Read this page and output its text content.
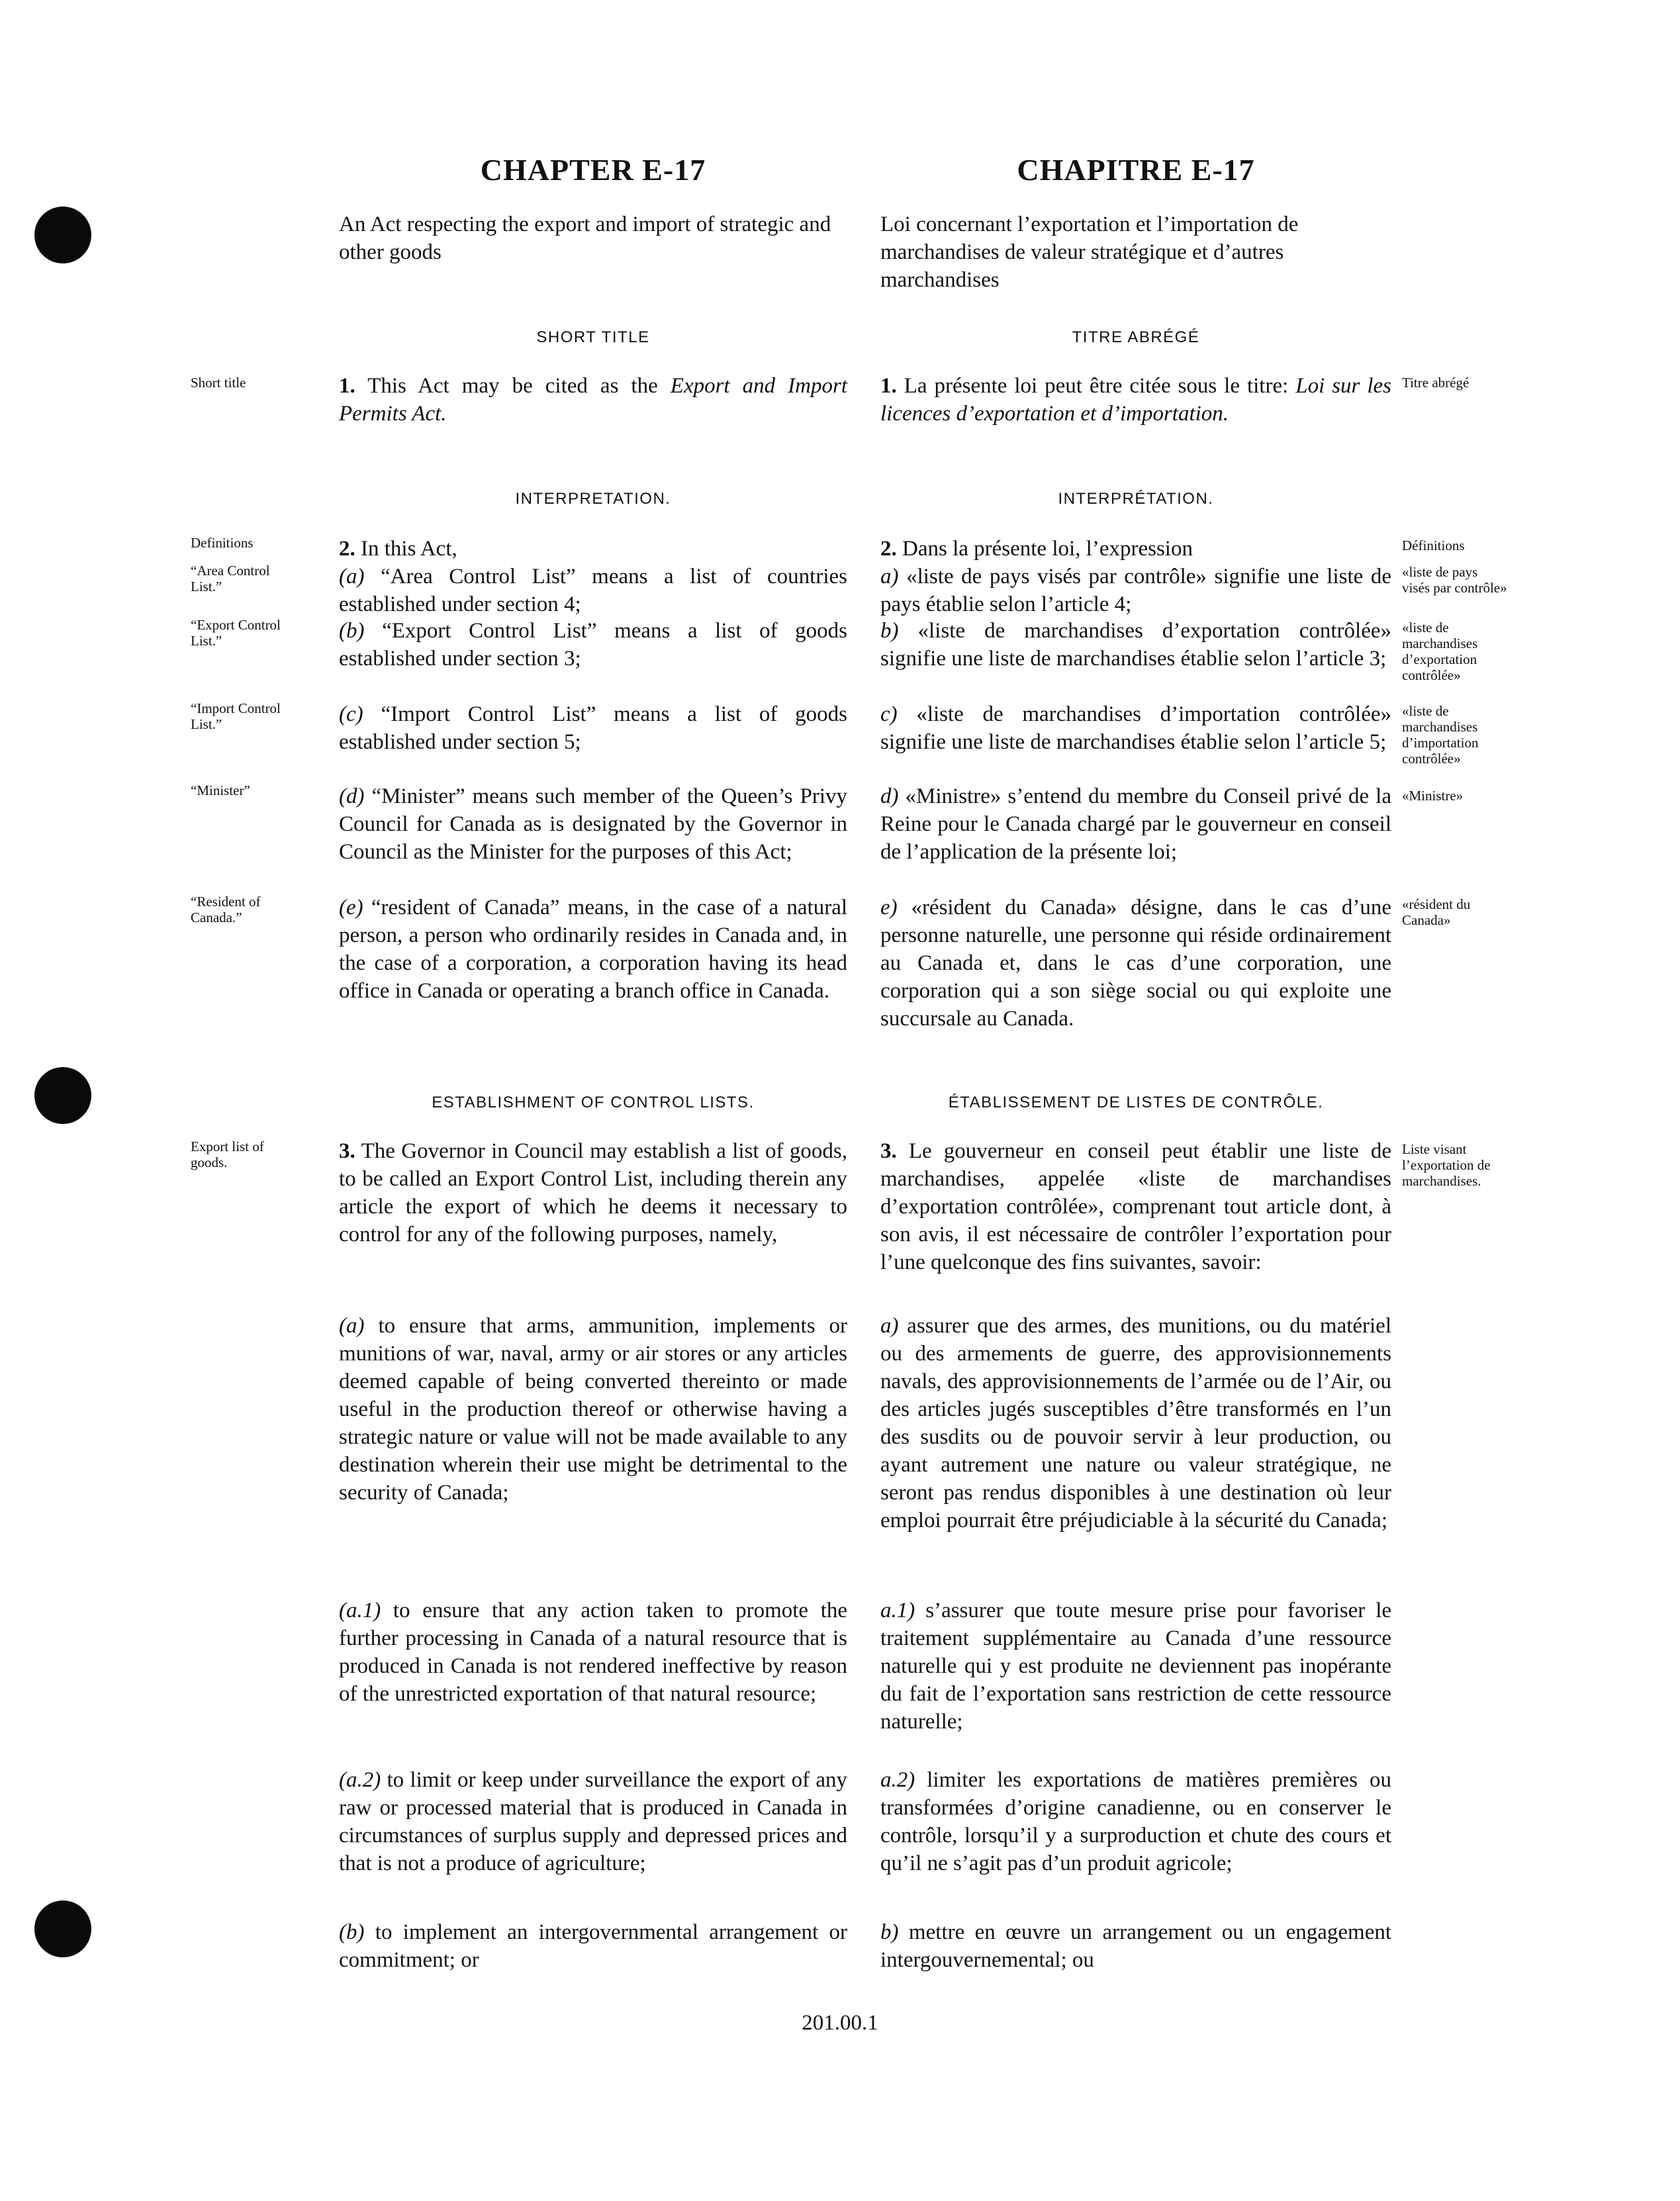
CHAPTER E-17	CHAPITRE E-17
An Act respecting the export and import of strategic and other goods
Loi concernant l’exportation et l’importation de marchandises de valeur stratégique et d’autres marchandises
SHORT TITLE	TITRE ABRÉGÉ
Short title	Titre abrégé
1. This Act may be cited as the Export and Import Permits Act.
1. La présente loi peut être citée sous le titre: Loi sur les licences d’exportation et d’importation.
INTERPRETATION.	INTERPRÉTATION.
Definitions
“Area Control List.”
“Export Control List.”
“Import Control List.”
“Minister”
“Resident of Canada.”
Définitions
«liste de pays visés par contrôle»
«liste de marchandises d’exportation contrôlée»
«liste de marchandises d’importation contrôlée»
«Ministre»
«résident du Canada»
2. In this Act,
(a) “Area Control List” means a list of countries established under section 4;
(b) “Export Control List” means a list of goods established under section 3;
(c) “Import Control List” means a list of goods established under section 5;
(d) “Minister” means such member of the Queen’s Privy Council for Canada as is designated by the Governor in Council as the Minister for the purposes of this Act;
(e) “resident of Canada” means, in the case of a natural person, a person who ordinarily resides in Canada and, in the case of a corporation, a corporation having its head office in Canada or operating a branch office in Canada.
2. Dans la présente loi, l’expression
a) «liste de pays visés par contrôle» signifie une liste de pays établie selon l’article 4;
b) «liste de marchandises d’exportation contrôlée» signifie une liste de marchandises établie selon l’article 3;
c) «liste de marchandises d’importation contrôlée» signifie une liste de marchandises établie selon l’article 5;
d) «Ministre» s’entend du membre du Conseil privé de la Reine pour le Canada chargé par le gouverneur en conseil de l’application de la présente loi;
e) «résident du Canada» désigne, dans le cas d’une personne naturelle, une personne qui réside ordinairement au Canada et, dans le cas d’une corporation, une corporation qui a son siège social ou qui exploite une succursale au Canada.
ESTABLISHMENT OF CONTROL LISTS.	ÉTABLISSEMENT DE LISTES DE CONTRÔLE.
Export list of goods.
Liste visant l’exportation de marchandises.
3. The Governor in Council may establish a list of goods, to be called an Export Control List, including therein any article the export of which he deems it necessary to control for any of the following purposes, namely,
(a) to ensure that arms, ammunition, implements or munitions of war, naval, army or air stores or any articles deemed capable of being converted thereinto or made useful in the production thereof or otherwise having a strategic nature or value will not be made available to any destination wherein their use might be detrimental to the security of Canada;
(a.1) to ensure that any action taken to promote the further processing in Canada of a natural resource that is produced in Canada is not rendered ineffective by reason of the unrestricted exportation of that natural resource;
(a.2) to limit or keep under surveillance the export of any raw or processed material that is produced in Canada in circumstances of surplus supply and depressed prices and that is not a produce of agriculture;
(b) to implement an intergovernmental arrangement or commitment; or
3. Le gouverneur en conseil peut établir une liste de marchandises, appelée «liste de marchandises d’exportation contrôlée», comprenant tout article dont, à son avis, il est nécessaire de contrôler l’exportation pour l’une quelconque des fins suivantes, savoir:
a) assurer que des armes, des munitions, ou du matériel ou des armements de guerre, des approvisionnements navals, des approvisionnements de l’armée ou de l’Air, ou des articles jugés susceptibles d’être transformés en l’un des susdits ou de pouvoir servir à leur production, ou ayant autrement une nature ou valeur stratégique, ne seront pas rendus disponibles à une destination où leur emploi pourrait être préjudiciable à la sécurité du Canada;
a.1) s’assurer que toute mesure prise pour favoriser le traitement supplémentaire au Canada d’une ressource naturelle qui y est produite ne deviennent pas inopérante du fait de l’exportation sans restriction de cette ressource naturelle;
a.2) limiter les exportations de matières premières ou transformées d’origine canadienne, ou en conserver le contrôle, lorsqu’il y a surproduction et chute des cours et qu’il ne s’agit pas d’un produit agricole;
b) mettre en œuvre un arrangement ou un engagement intergouvernemental; ou
201.00.1
